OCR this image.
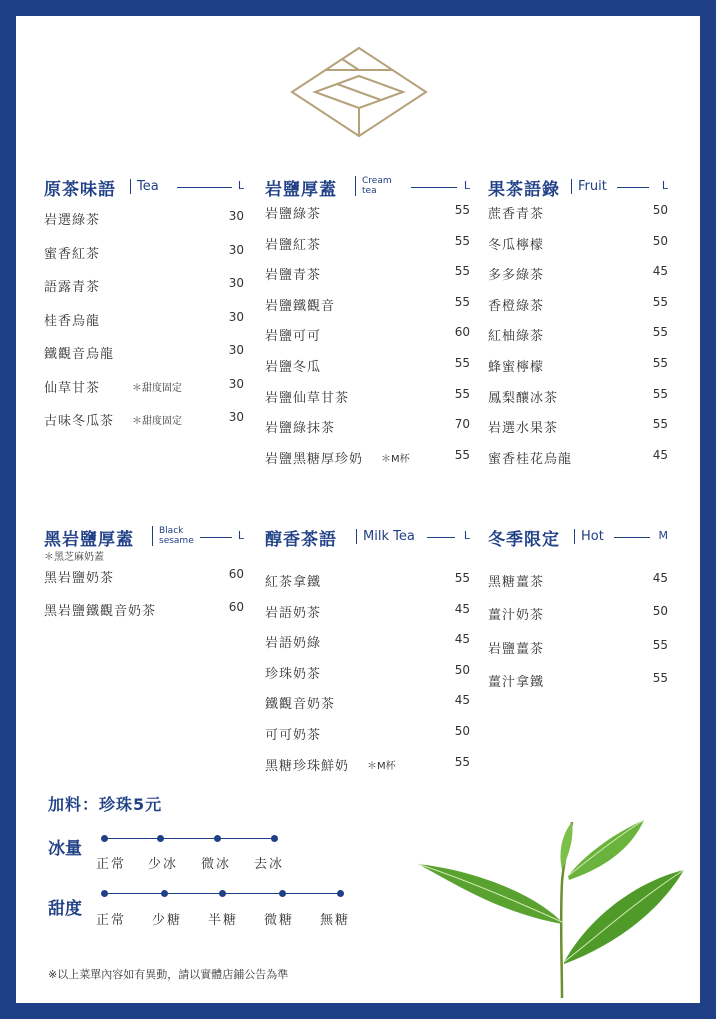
原茶味語	Tea	L
岩選綠茶	30
蜜香紅茶	30
語露青茶	30
桂香烏龍	30
鐵觀音烏龍	30
仙草甘茶	＊甜度固定	30
古味冬瓜茶 ＊甜度固定	30
岩鹽厚蓋	Cream tea	L
岩鹽綠茶	55
岩鹽紅茶	55
岩鹽青茶	55
岩鹽鐵觀音	55
岩鹽可可	60
岩鹽冬瓜	55
岩鹽仙草甘茶	55
岩鹽綠抹茶	70
岩鹽黑糖厚珍奶 ＊M杯	55
果茶語錄	Fruit	L
蔗香青茶	50
冬瓜檸檬	50
多多綠茶	45
香橙綠茶	55
紅柚綠茶	55
蜂蜜檸檬	55
鳳梨釀冰茶	55
岩選水果茶	55
蜜香桂花烏龍	45
黑岩鹽厚蓋	Black sesame	L
＊黑芝麻奶蓋
黑岩鹽奶茶	60
黑岩鹽鐵觀音奶茶	60
醇香茶語	Milk Tea	L
紅茶拿鐵	55
岩語奶茶	45
岩語奶綠	45
珍珠奶茶	50
鐵觀音奶茶	45
可可奶茶	50
黑糖珍珠鮮奶 ＊M杯	55
冬季限定	Hot	M
黑糖薑茶	45
薑汁奶茶	50
岩鹽薑茶	55
薑汁拿鐵	55
加料：珍珠5元
冰量
正常 少冰 微冰 去冰
甜度
正常 少糖 半糖 微糖 無糖
※以上菜單內容如有異動，請以實體店鋪公告為準
